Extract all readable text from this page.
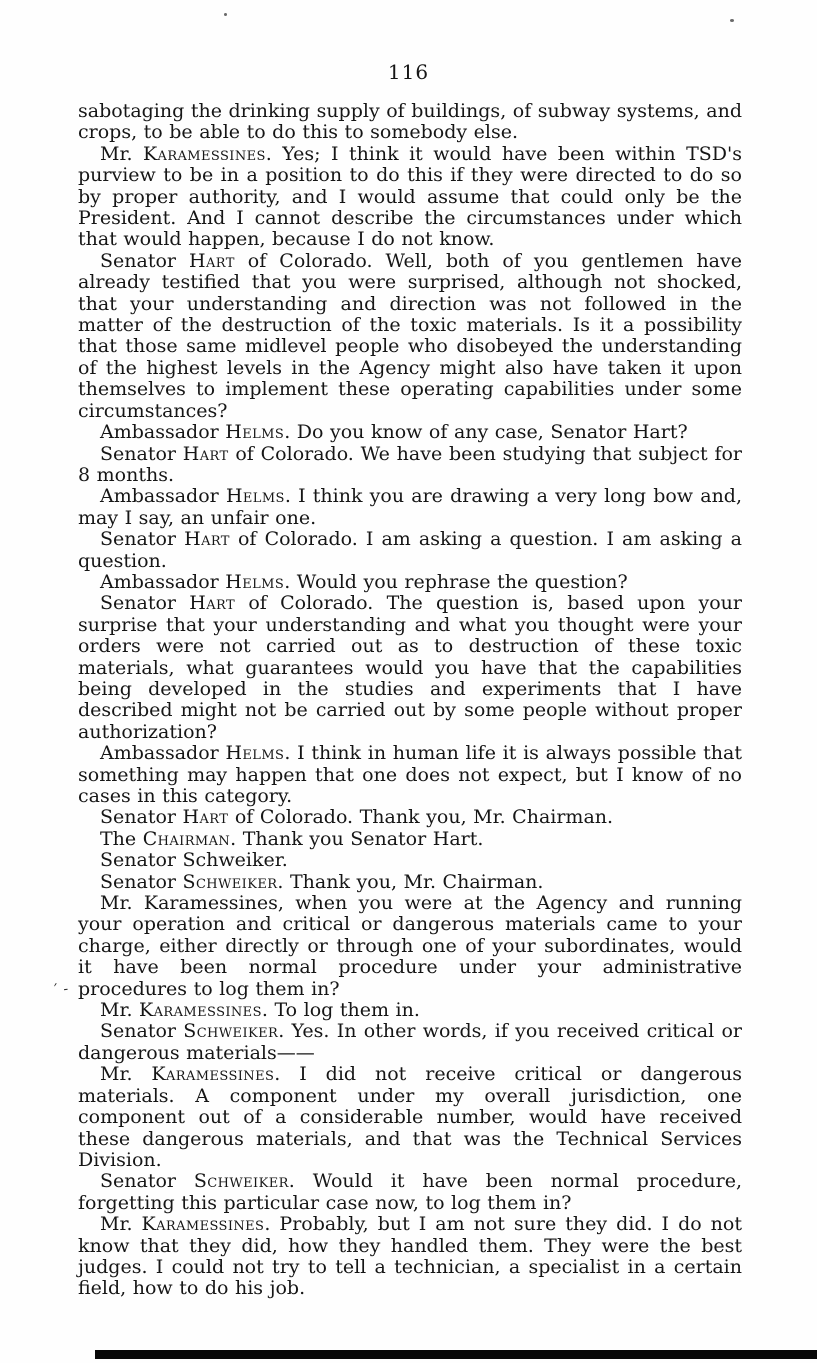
116

sabotaging the drinking supply of buildings, of subway systems, and crops, to be able to do this to somebody else.

Mr. Karamessines. Yes; I think it would have been within TSD's purview to be in a position to do this if they were directed to do so by proper authority, and I would assume that could only be the President. And I cannot describe the circumstances under which that would happen, because I do not know.

Senator Hart of Colorado. Well, both of you gentlemen have already testified that you were surprised, although not shocked, that your understanding and direction was not followed in the matter of the destruction of the toxic materials. Is it a possibility that those same midlevel people who disobeyed the understanding of the highest levels in the Agency might also have taken it upon themselves to implement these operating capabilities under some circumstances?

Ambassador Helms. Do you know of any case, Senator Hart?

Senator Hart of Colorado. We have been studying that subject for 8 months.

Ambassador Helms. I think you are drawing a very long bow and, may I say, an unfair one.

Senator Hart of Colorado. I am asking a question. I am asking a question.

Ambassador Helms. Would you rephrase the question?

Senator Hart of Colorado. The question is, based upon your surprise that your understanding and what you thought were your orders were not carried out as to destruction of these toxic materials, what guarantees would you have that the capabilities being developed in the studies and experiments that I have described might not be carried out by some people without proper authorization?

Ambassador Helms. I think in human life it is always possible that something may happen that one does not expect, but I know of no cases in this category.

Senator Hart of Colorado. Thank you, Mr. Chairman.

The Chairman. Thank you Senator Hart.

Senator Schweiker.

Senator Schweiker. Thank you, Mr. Chairman.

Mr. Karamessines, when you were at the Agency and running your operation and critical or dangerous materials came to your charge, either directly or through one of your subordinates, would it have been normal procedure under your administrative procedures to log them in?

Mr. Karamessines. To log them in.

Senator Schweiker. Yes. In other words, if you received critical or dangerous materials——

Mr. Karamessines. I did not receive critical or dangerous materials. A component under my overall jurisdiction, one component out of a considerable number, would have received these dangerous materials, and that was the Technical Services Division.

Senator Schweiker. Would it have been normal procedure, forgetting this particular case now, to log them in?

Mr. Karamessines. Probably, but I am not sure they did. I do not know that they did, how they handled them. They were the best judges. I could not try to tell a technician, a specialist in a certain field, how to do his job.

´ -
